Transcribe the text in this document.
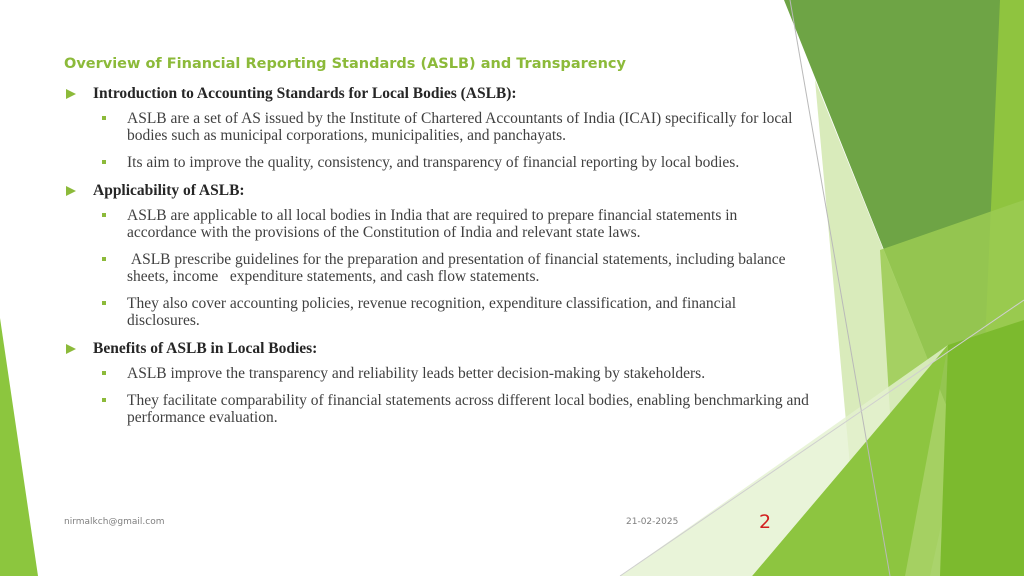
Overview of Financial Reporting Standards (ASLB) and Transparency
Introduction to Accounting Standards for Local Bodies (ASLB):
ASLB are a set of AS issued by the Institute of Chartered Accountants of India (ICAI) specifically for local bodies such as municipal corporations, municipalities, and panchayats.
Its aim to improve the quality, consistency, and transparency of financial reporting by local bodies.
Applicability of ASLB:
ASLB are applicable to all local bodies in India that are required to prepare financial statements in accordance with the provisions of the Constitution of India and relevant state laws.
ASLB prescribe guidelines for the preparation and presentation of financial statements, including balance sheets, income   expenditure statements, and cash flow statements.
They also cover accounting policies, revenue recognition, expenditure classification, and financial disclosures.
Benefits of ASLB in Local Bodies:
ASLB improve the transparency and reliability leads better decision-making by stakeholders.
They facilitate comparability of financial statements across different local bodies, enabling benchmarking and performance evaluation.
nirmalkch@gmail.com	21-02-2025	2
